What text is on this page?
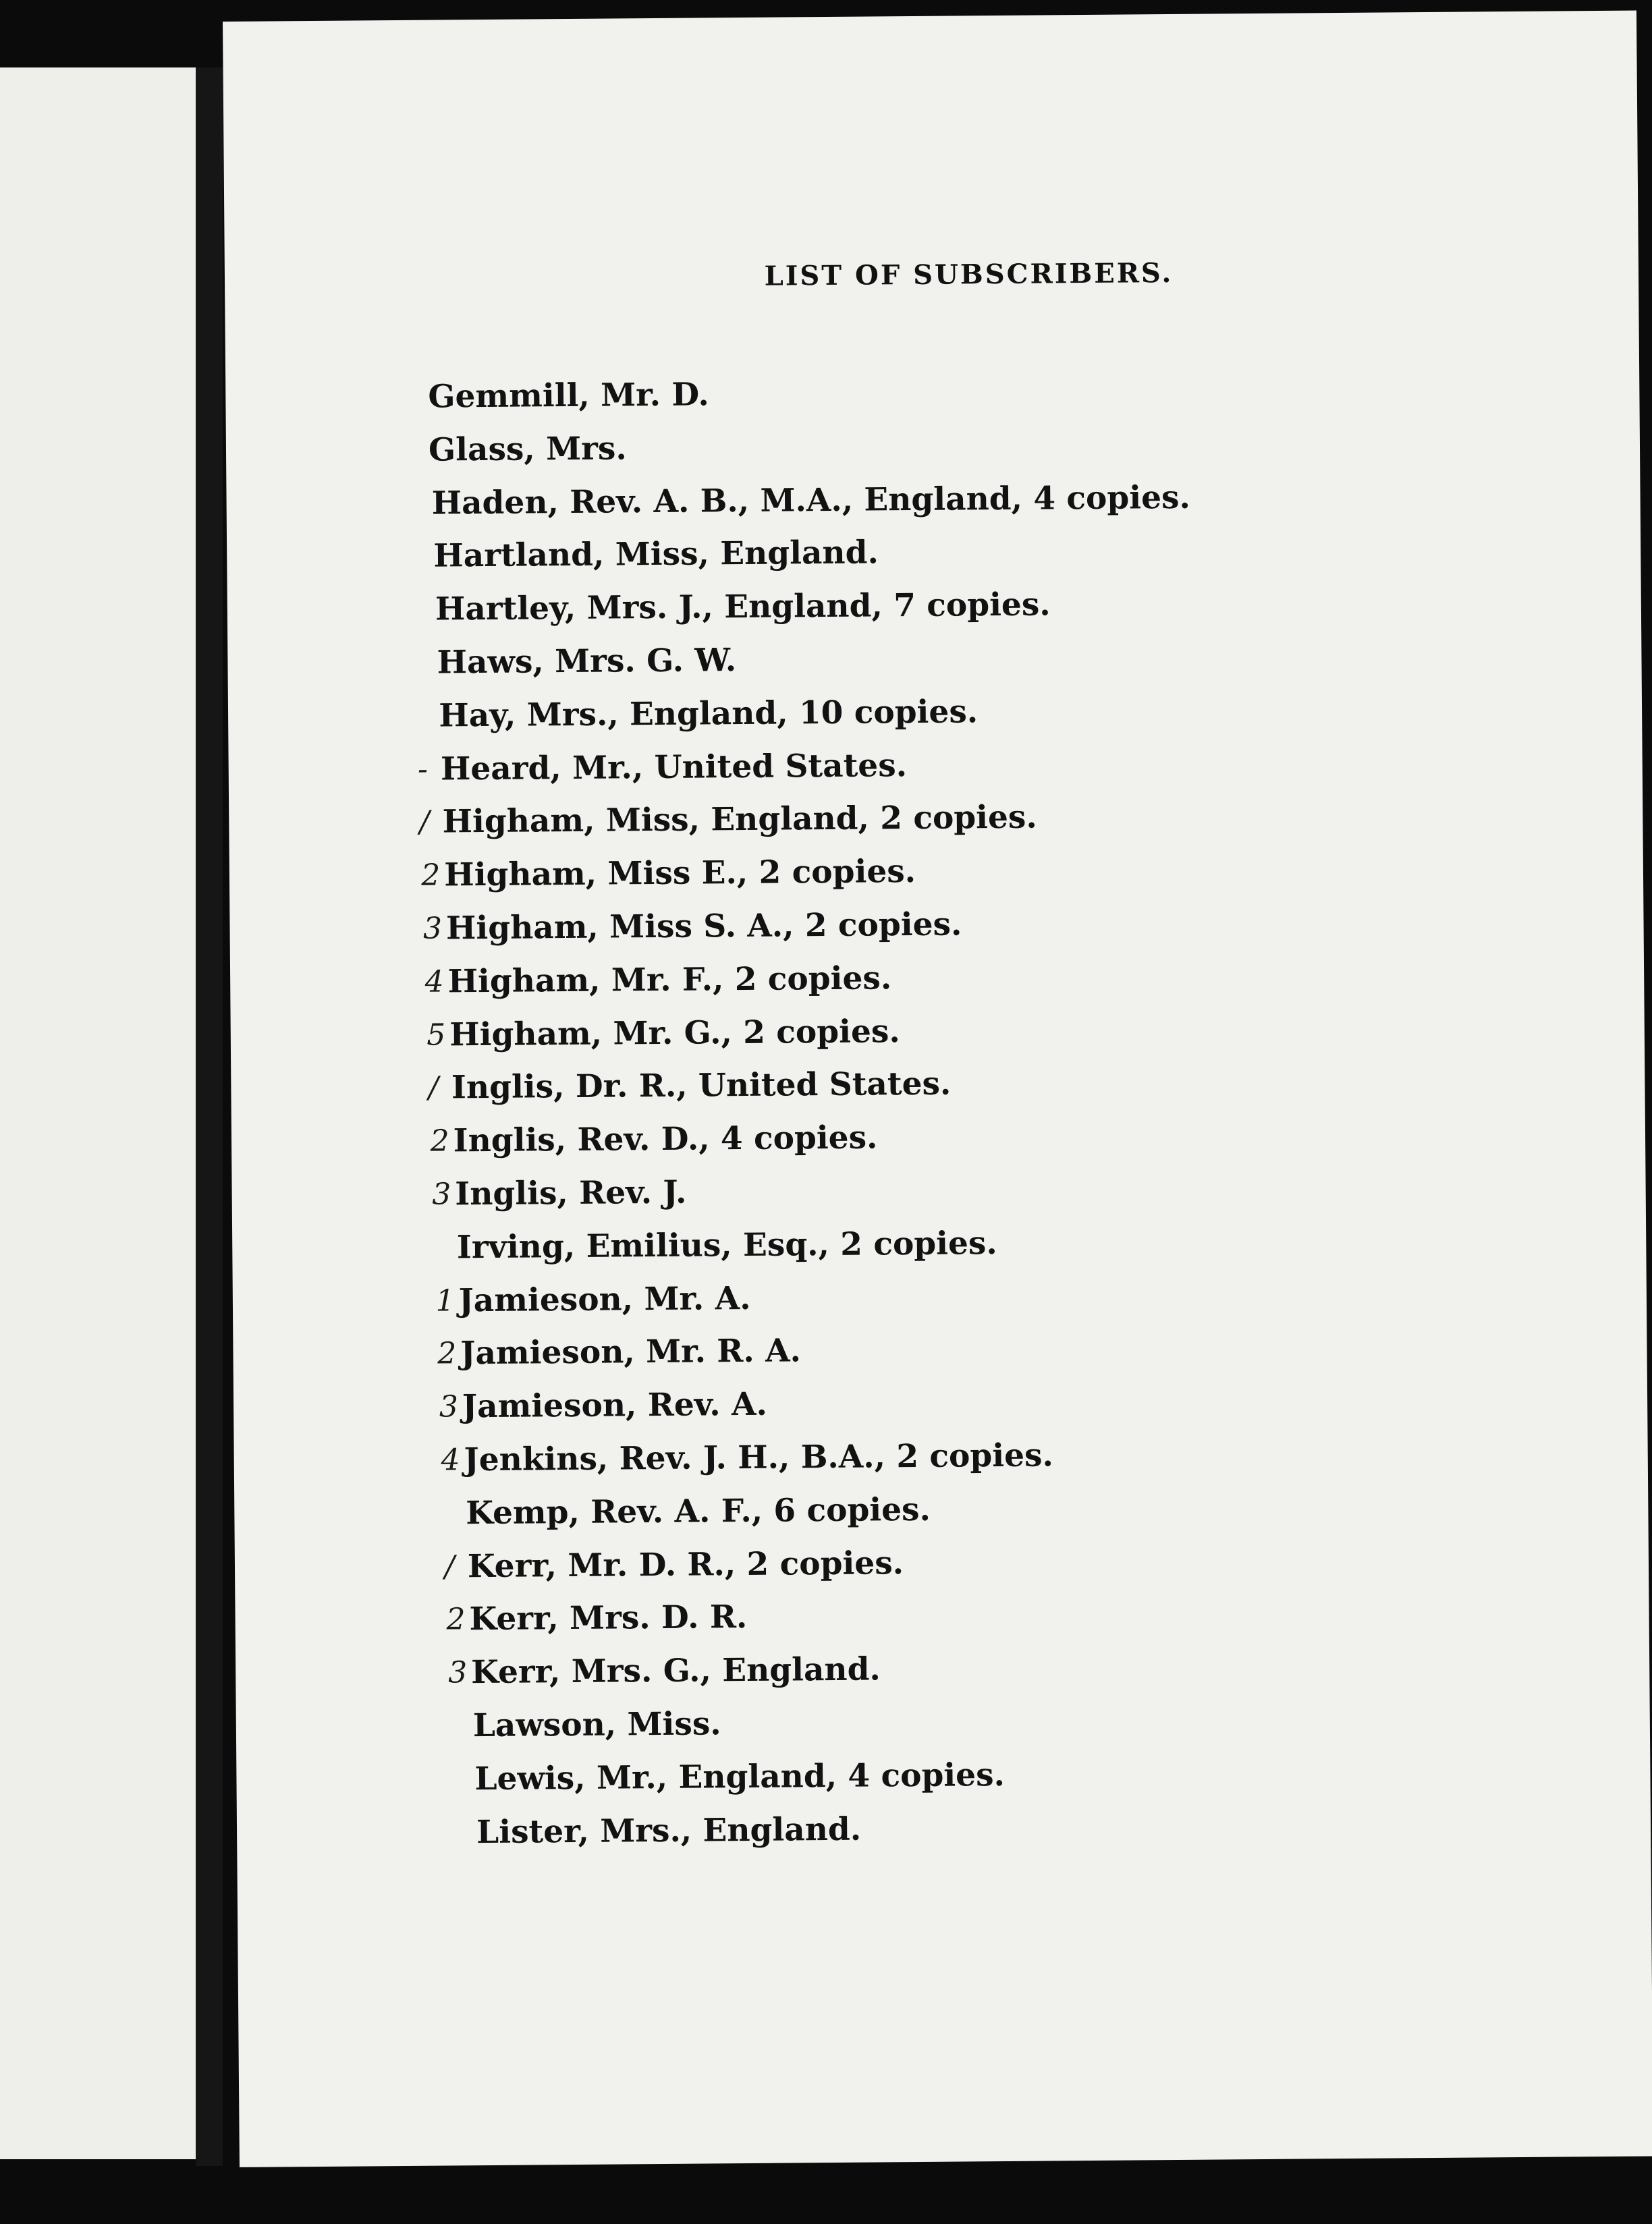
LIST OF SUBSCRIBERS.
Gemmill, Mr. D.
Glass, Mrs.
Haden, Rev. A. B., M.A., England, 4 copies.
Hartland, Miss, England.
Hartley, Mrs. J., England, 7 copies.
Haws, Mrs. G. W.
Hay, Mrs., England, 10 copies.
- Heard, Mr., United States.
/ Higham, Miss, England, 2 copies.
2 Higham, Miss E., 2 copies.
3 Higham, Miss S. A., 2 copies.
4 Higham, Mr. F., 2 copies.
5 Higham, Mr. G., 2 copies.
/ Inglis, Dr. R., United States.
2 Inglis, Rev. D., 4 copies.
3 Inglis, Rev. J.
Irving, Emilius, Esq., 2 copies.
1 Jamieson, Mr. A.
2 Jamieson, Mr. R. A.
3 Jamieson, Rev. A.
4 Jenkins, Rev. J. H., B.A., 2 copies.
Kemp, Rev. A. F., 6 copies.
/ Kerr, Mr. D. R., 2 copies.
2 Kerr, Mrs. D. R.
3 Kerr, Mrs. G., England.
Lawson, Miss.
Lewis, Mr., England, 4 copies.
Lister, Mrs., England.
